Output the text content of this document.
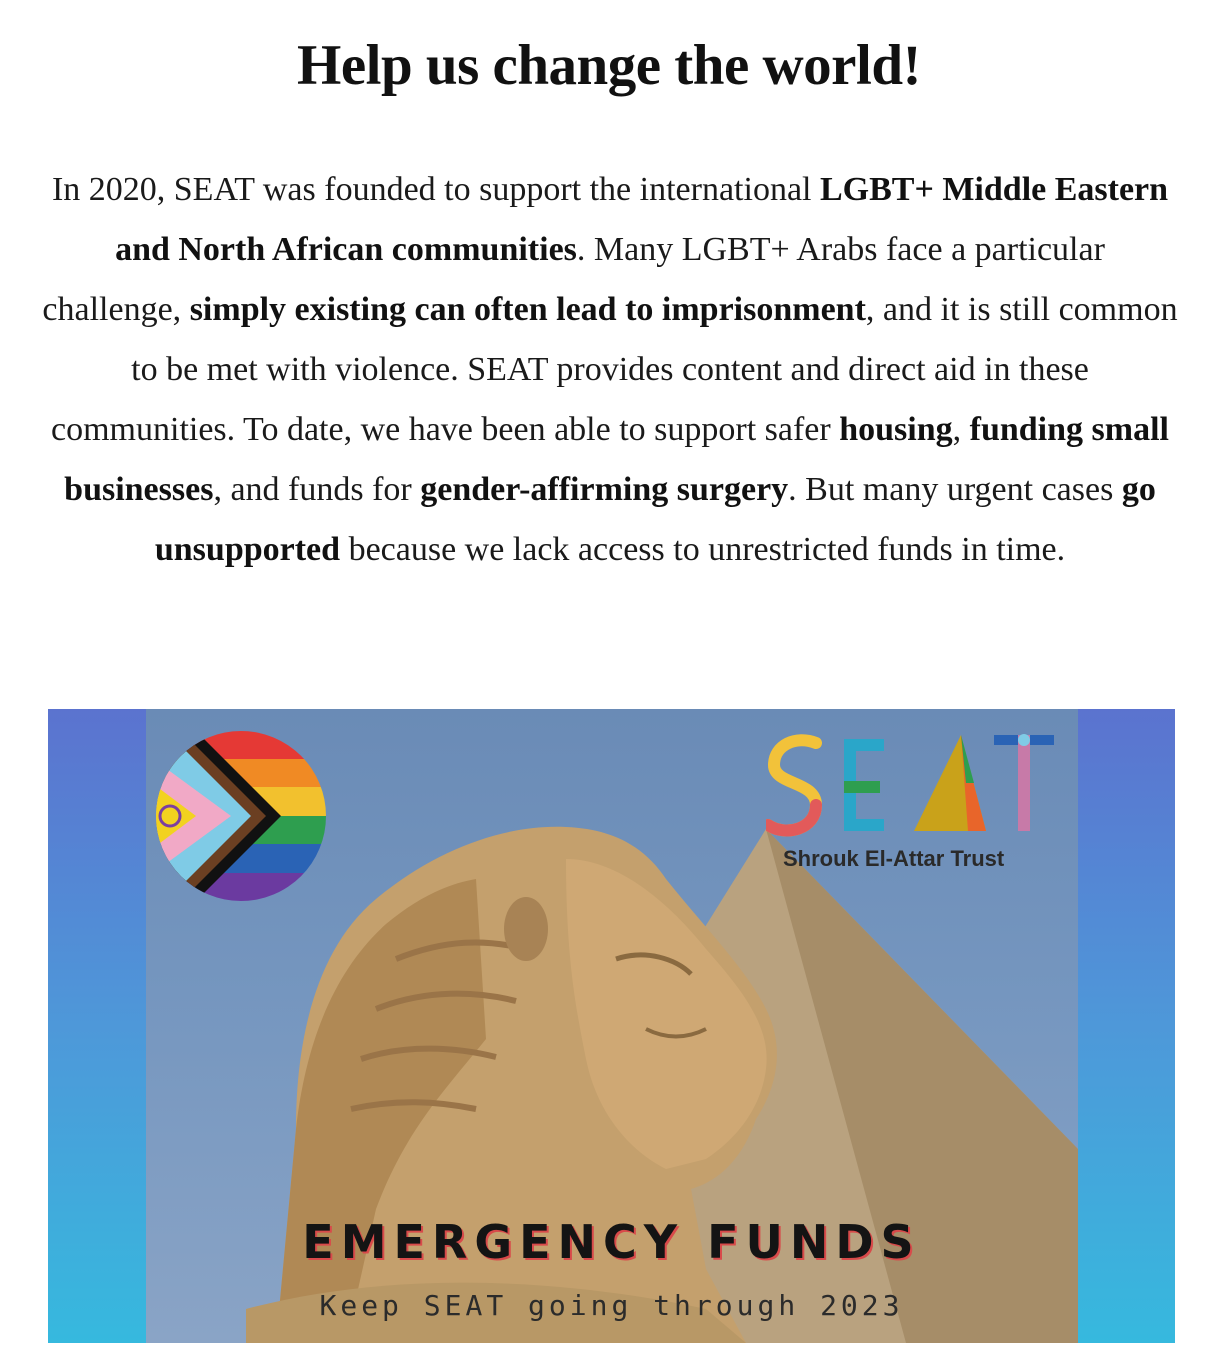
Help us change the world!

In 2020, SEAT was founded to support the international LGBT+ Middle Eastern and North African communities. Many LGBT+ Arabs face a particular challenge, simply existing can often lead to imprisonment, and it is still common to be met with violence. SEAT provides content and direct aid in these communities. To date, we have been able to support safer housing, funding small businesses, and funds for gender-affirming surgery. But many urgent cases go unsupported because we lack access to unrestricted funds in time.

Shrouk El-Attar Trust
EMERGENCY FUNDS
Keep SEAT going through 2023
